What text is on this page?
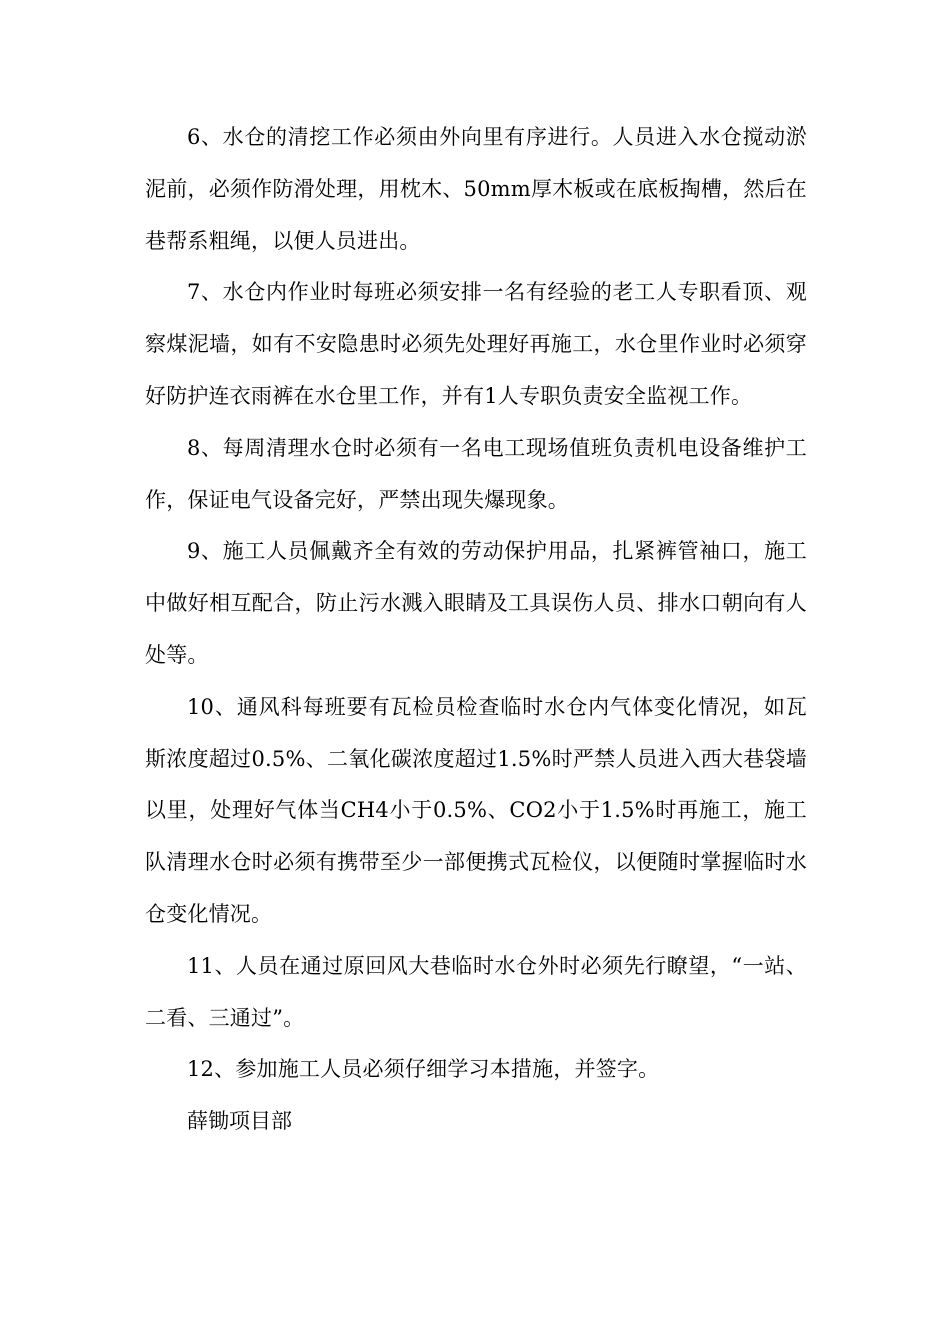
6、水仓的清挖工作必须由外向里有序进行。人员进入水仓搅动淤泥前，必须作防滑处理，用枕木、50mm厚木板或在底板掏槽，然后在巷帮系粗绳，以便人员进出。

7、水仓内作业时每班必须安排一名有经验的老工人专职看顶、观察煤泥墙，如有不安隐患时必须先处理好再施工，水仓里作业时必须穿好防护连衣雨裤在水仓里工作，并有1人专职负责安全监视工作。

8、每周清理水仓时必须有一名电工现场值班负责机电设备维护工作，保证电气设备完好，严禁出现失爆现象。

9、施工人员佩戴齐全有效的劳动保护用品，扎紧裤管袖口，施工中做好相互配合，防止污水溅入眼睛及工具误伤人员、排水口朝向有人处等。

10、通风科每班要有瓦检员检查临时水仓内气体变化情况，如瓦斯浓度超过0.5%、二氧化碳浓度超过1.5%时严禁人员进入西大巷袋墙以里，处理好气体当CH4小于0.5%、CO2小于1.5%时再施工，施工队清理水仓时必须有携带至少一部便携式瓦检仪，以便随时掌握临时水仓变化情况。

11、人员在通过原回风大巷临时水仓外时必须先行瞭望，“一站、二看、三通过”。

12、参加施工人员必须仔细学习本措施，并签字。

薛锄项目部
